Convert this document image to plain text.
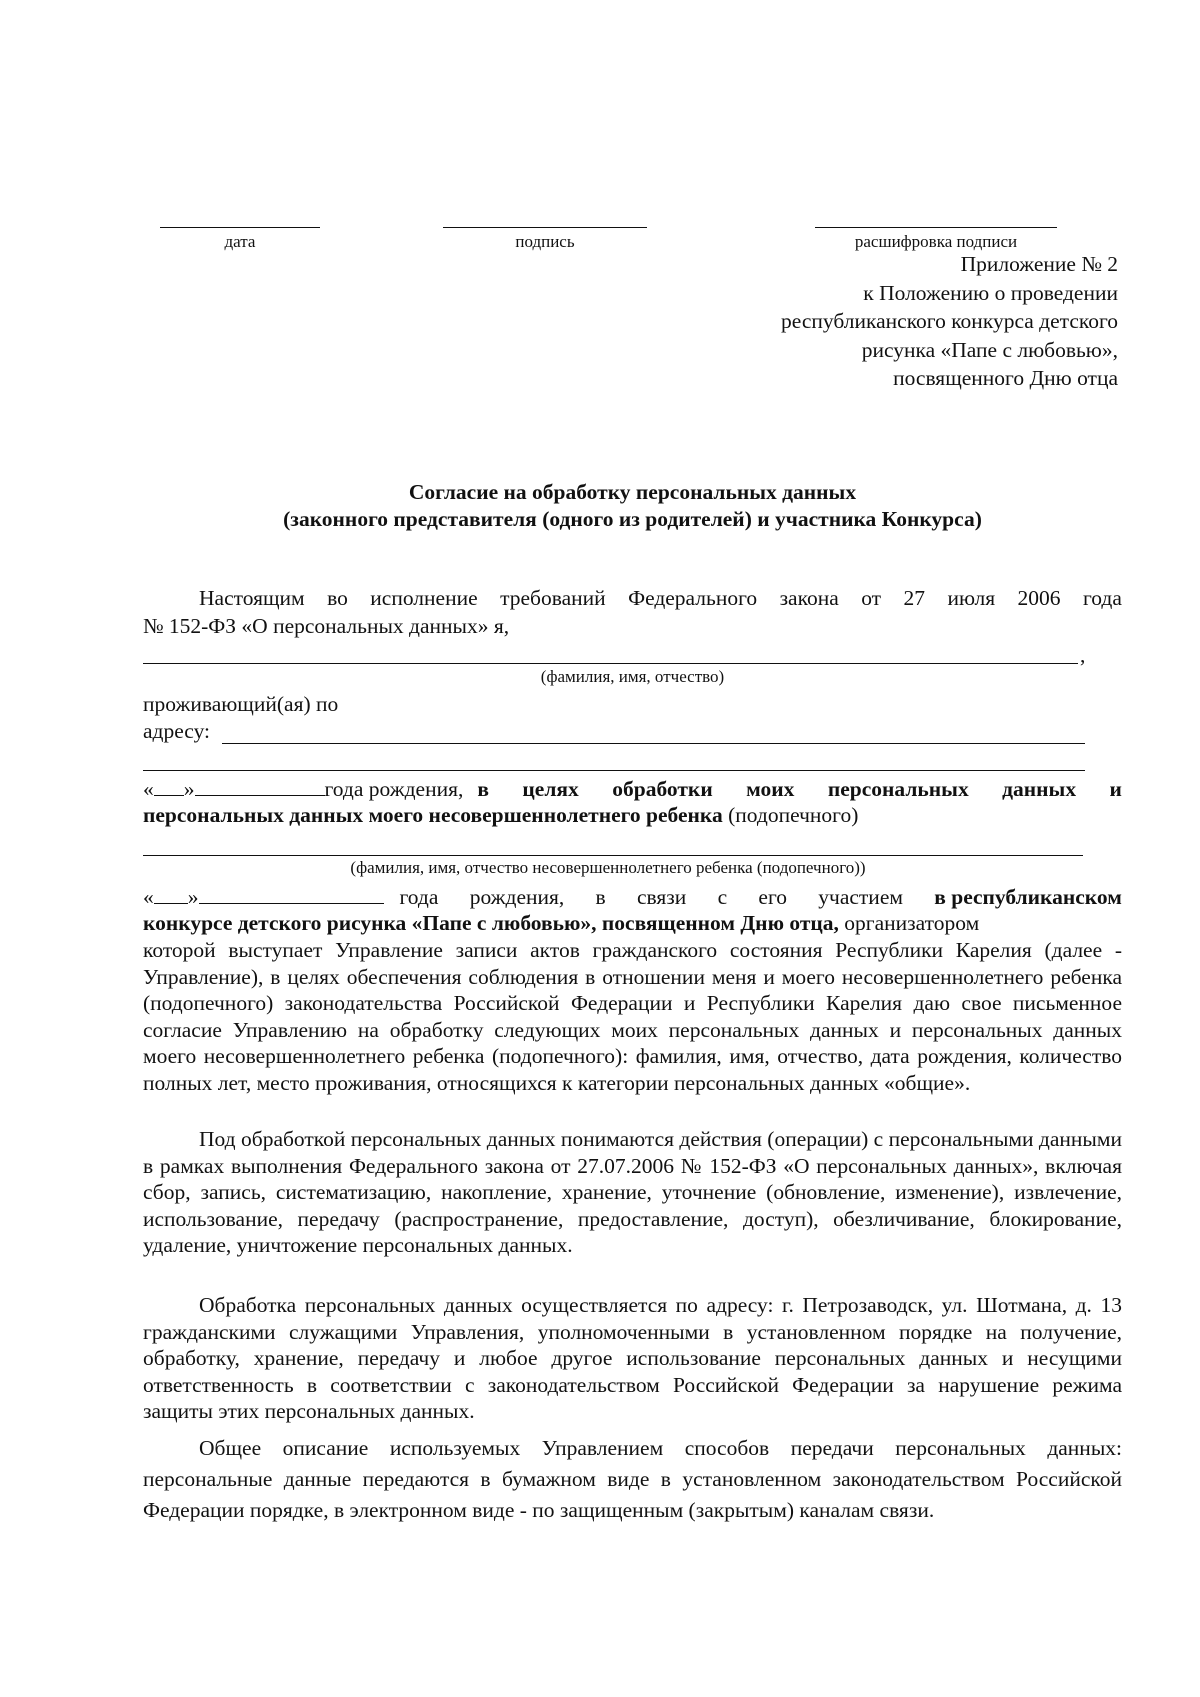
дата	подпись	расшифровка подписи
Приложение № 2
к Положению о проведении
республиканского конкурса детского
рисунка «Папе с любовью»,
посвященного Дню отца
Согласие на обработку персональных данных
(законного представителя (одного из родителей) и участника Конкурса)
Настоящим во исполнение требований Федерального закона от 27 июля 2006 года
№ 152-ФЗ «О персональных данных» я,
,
(фамилия, имя, отчество)
проживающий(ая) по
адресу:
« »	года рождения, в целях обработки моих персональных данных и
персональных данных моего несовершеннолетнего ребенка (подопечного)
(фамилия, имя, отчество несовершеннолетнего ребенка (подопечного))
« »	года рождения, в связи с его участием в республиканском
конкурсе детского рисунка «Папе с любовью», посвященном Дню отца, организатором

которой выступает Управление записи актов гражданского состояния Республики Карелия (далее - Управление), в целях обеспечения соблюдения в отношении меня и моего несовершеннолетнего ребенка (подопечного) законодательства Российской Федерации и Республики Карелия даю свое письменное согласие Управлению на обработку следующих моих персональных данных и персональных данных моего несовершеннолетнего ребенка (подопечного): фамилия, имя, отчество, дата рождения, количество полных лет, место проживания, относящихся к категории персональных данных «общие».

Под обработкой персональных данных понимаются действия (операции) с персональными данными в рамках выполнения Федерального закона от 27.07.2006 № 152-ФЗ «О персональных данных», включая сбор, запись, систематизацию, накопление, хранение, уточнение (обновление, изменение), извлечение, использование, передачу (распространение, предоставление, доступ), обезличивание, блокирование, удаление, уничтожение персональных данных.

Обработка персональных данных осуществляется по адресу: г. Петрозаводск, ул. Шотмана, д. 13 гражданскими служащими Управления, уполномоченными в установленном порядке на получение, обработку, хранение, передачу и любое другое использование персональных данных и несущими ответственность в соответствии с законодательством Российской Федерации за нарушение режима защиты этих персональных данных.

Общее описание используемых Управлением способов передачи персональных данных: персональные данные передаются в бумажном виде в установленном законодательством Российской Федерации порядке, в электронном виде - по защищенным (закрытым) каналам связи.
